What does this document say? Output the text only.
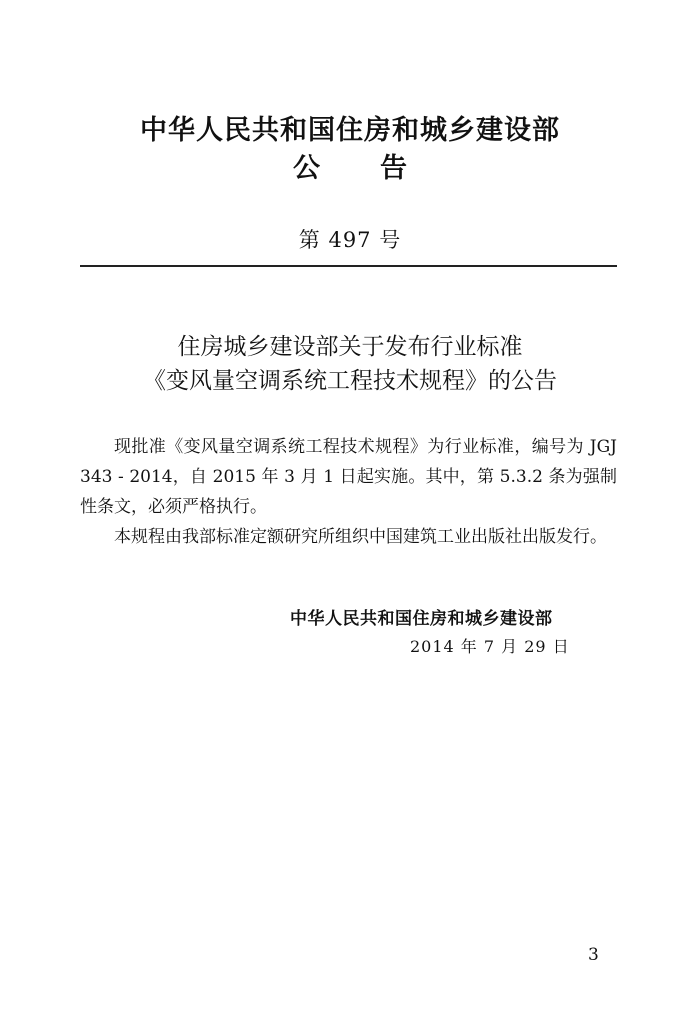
中华人民共和国住房和城乡建设部
公告
第 497 号
住房城乡建设部关于发布行业标准
《变风量空调系统工程技术规程》的公告

现批准《变风量空调系统工程技术规程》为行业标准，编号为 JGJ 343 - 2014，自 2015 年 3 月 1 日起实施。其中，第 5.3.2 条为强制性条文，必须严格执行。

本规程由我部标准定额研究所组织中国建筑工业出版社出版发行。

中华人民共和国住房和城乡建设部
2014 年 7 月 29 日
3
